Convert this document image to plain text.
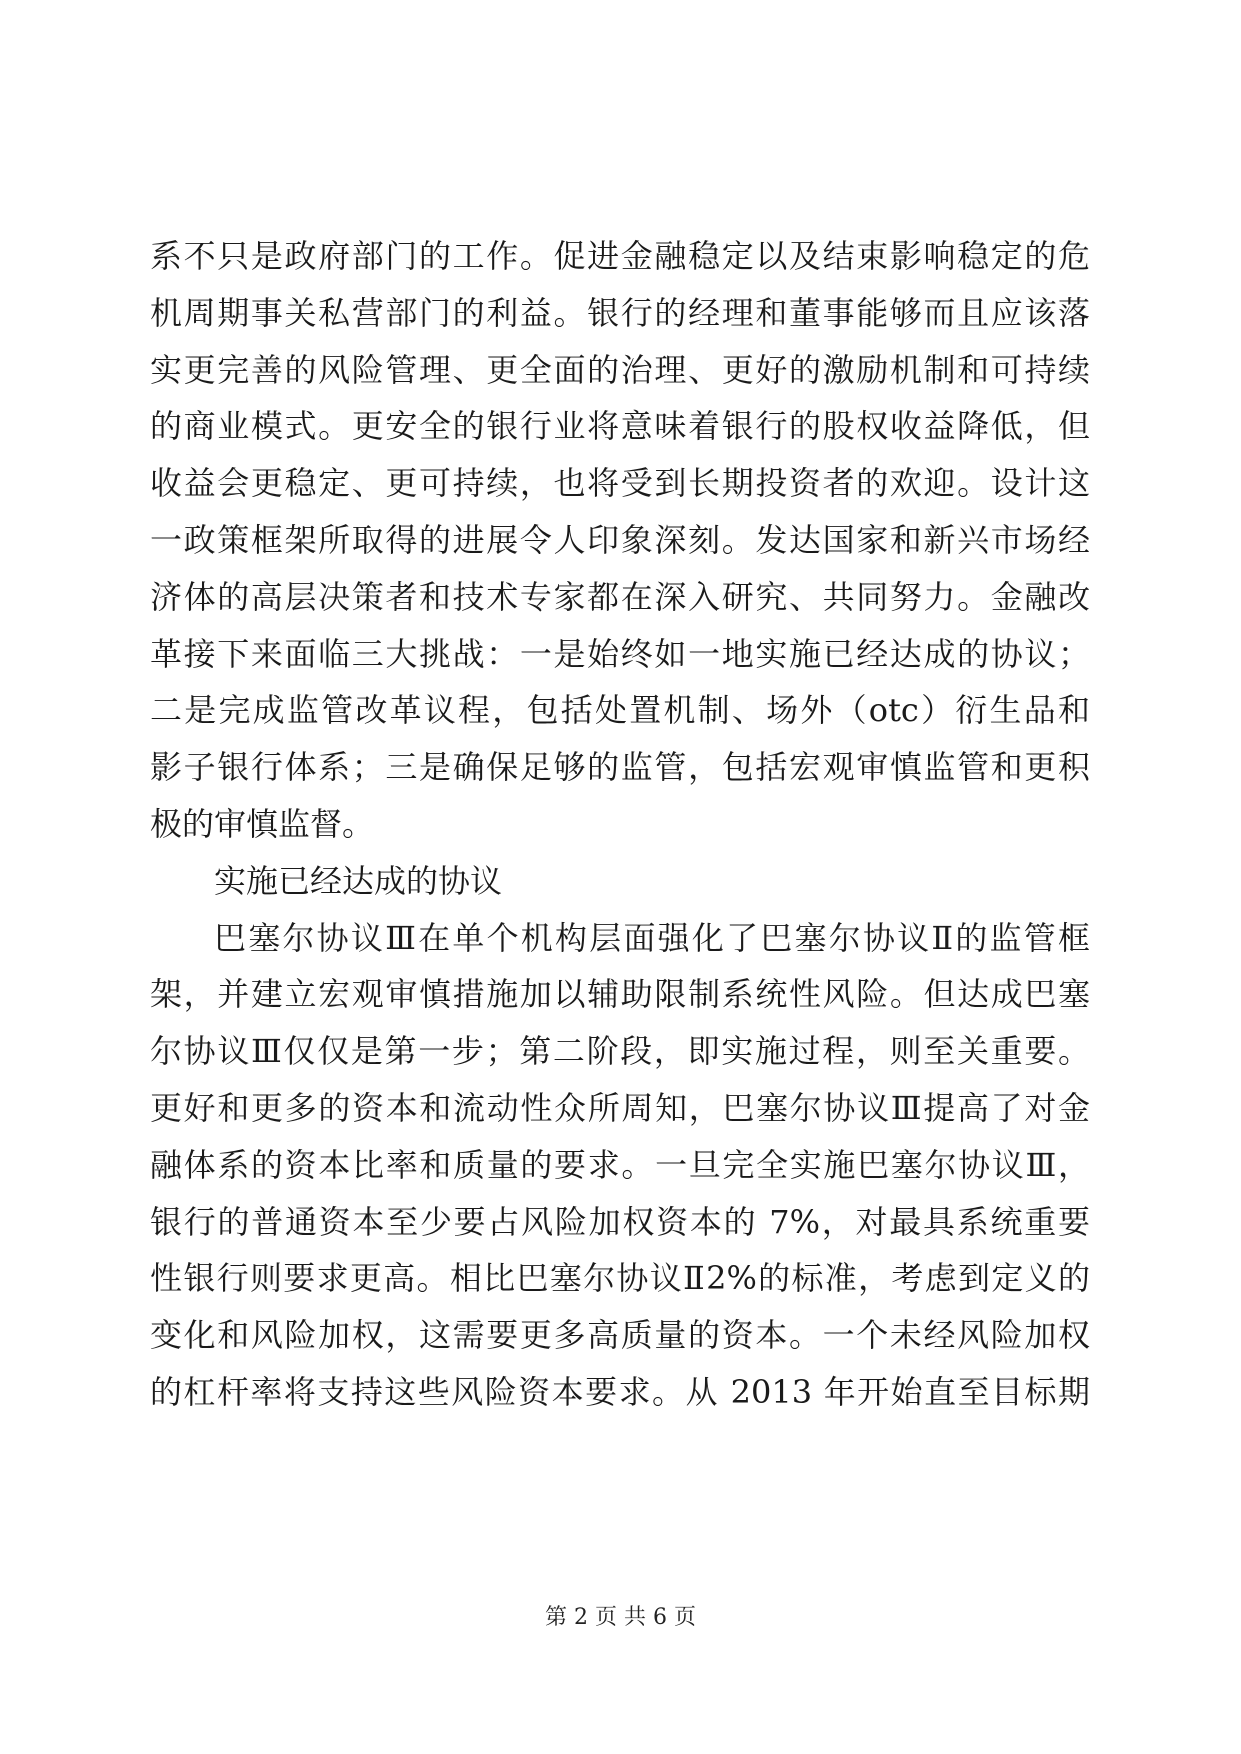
系不只是政府部门的工作。促进金融稳定以及结束影响稳定的危
机周期事关私营部门的利益。银行的经理和董事能够而且应该落
实更完善的风险管理、更全面的治理、更好的激励机制和可持续
的商业模式。更安全的银行业将意味着银行的股权收益降低，但
收益会更稳定、更可持续，也将受到长期投资者的欢迎。设计这
一政策框架所取得的进展令人印象深刻。发达国家和新兴市场经
济体的高层决策者和技术专家都在深入研究、共同努力。金融改
革接下来面临三大挑战：一是始终如一地实施已经达成的协议；
二是完成监管改革议程，包括处置机制、场外（otc）衍生品和
影子银行体系；三是确保足够的监管，包括宏观审慎监管和更积
极的审慎监督。
实施已经达成的协议
巴塞尔协议Ⅲ在单个机构层面强化了巴塞尔协议Ⅱ的监管框
架，并建立宏观审慎措施加以辅助限制系统性风险。但达成巴塞
尔协议Ⅲ仅仅是第一步；第二阶段，即实施过程，则至关重要。
更好和更多的资本和流动性众所周知，巴塞尔协议Ⅲ提高了对金
融体系的资本比率和质量的要求。一旦完全实施巴塞尔协议Ⅲ，
银行的普通资本至少要占风险加权资本的 7%，对最具系统重要
性银行则要求更高。相比巴塞尔协议Ⅱ2%的标准，考虑到定义的
变化和风险加权，这需要更多高质量的资本。一个未经风险加权
的杠杆率将支持这些风险资本要求。从 2013 年开始直至目标期
第 2 页 共 6 页
